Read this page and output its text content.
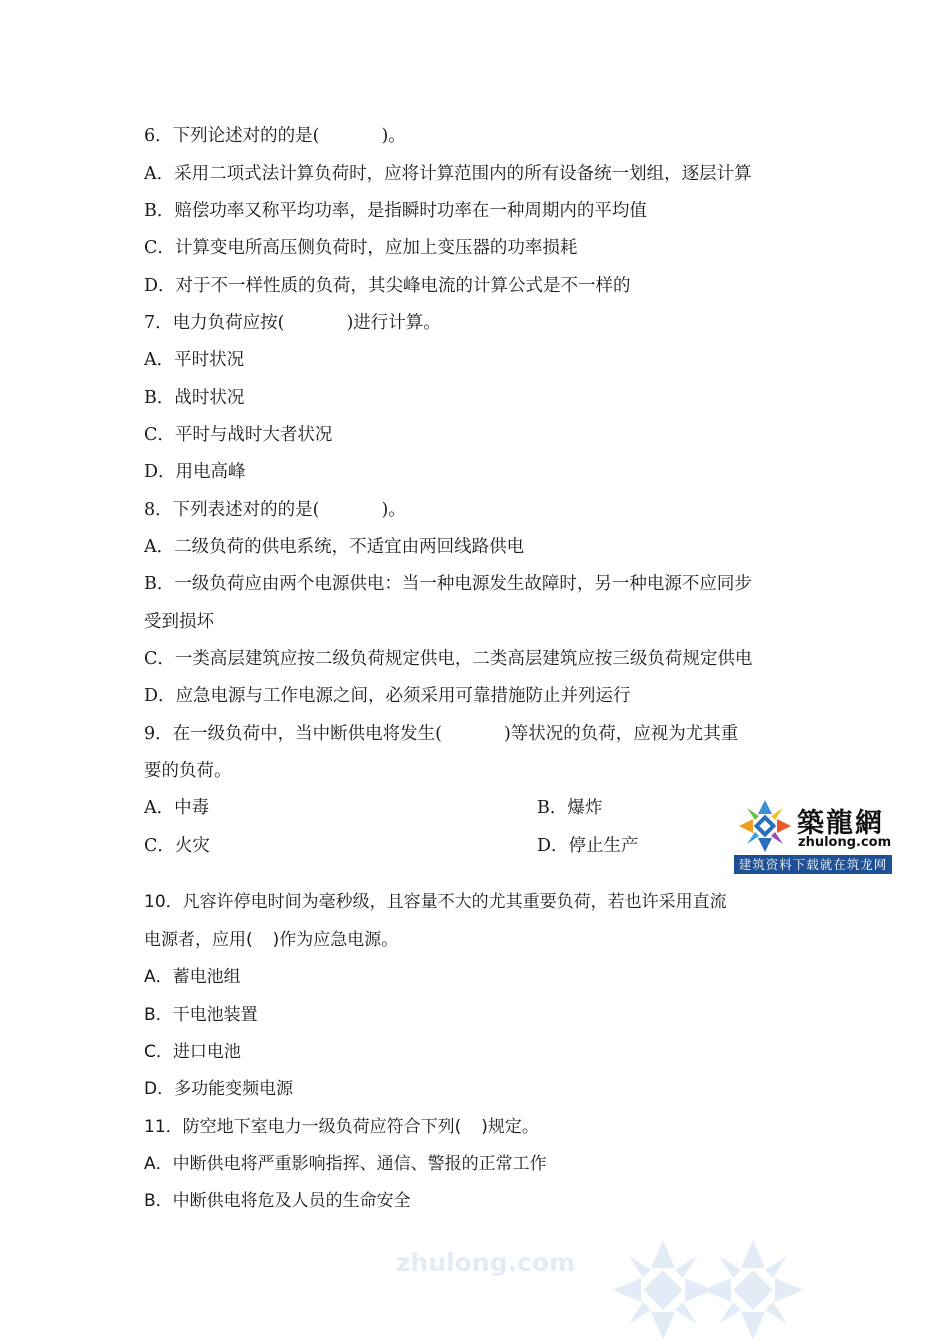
6．下列论述对的的是(	)。

A．采用二项式法计算负荷时，应将计算范围内的所有设备统一划组，逐层计算

B．赔偿功率又称平均功率，是指瞬时功率在一种周期内的平均值

C．计算变电所高压侧负荷时，应加上变压器的功率损耗

D．对于不一样性质的负荷，其尖峰电流的计算公式是不一样的

7．电力负荷应按(	)进行计算。

A．平时状况

B．战时状况

C．平时与战时大者状况

D．用电高峰

8．下列表述对的的是(	)。

A．二级负荷的供电系统，不适宜由两回线路供电

B．一级负荷应由两个电源供电：当一种电源发生故障时，另一种电源不应同步

受到损坏

C．一类高层建筑应按二级负荷规定供电，二类高层建筑应按三级负荷规定供电

D．应急电源与工作电源之间，必须采用可靠措施防止并列运行

9．在一级负荷中，当中断供电将发生(	)等状况的负荷，应视为尤其重

要的负荷。

A．中毒	B．爆炸

C．火灾	D．停止生产

築龍網
zhulong.com
建筑资料下载就在筑龙网

10．凡容许停电时间为毫秒级，且容量不大的尤其重要负荷，若也许采用直流

电源者，应用( )作为应急电源。

A．蓄电池组

B．干电池装置

C．进口电池

D．多功能变频电源

11．防空地下室电力一级负荷应符合下列( )规定。

A．中断供电将严重影响指挥、通信、警报的正常工作

B．中断供电将危及人员的生命安全

zhulong.com
